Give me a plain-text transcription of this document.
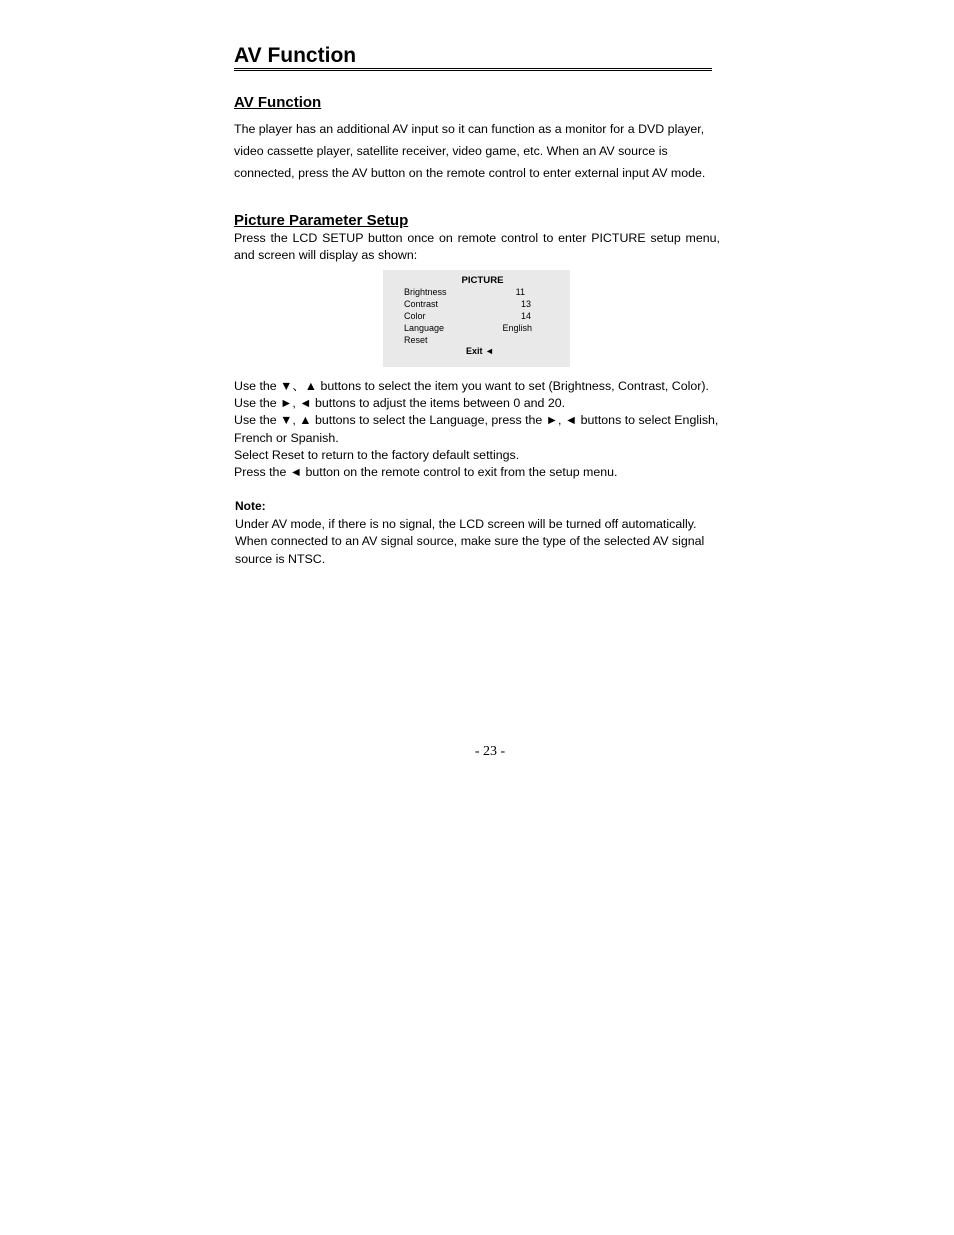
AV Function
AV Function

The player has an additional AV input so it can function as a monitor for a DVD player,
video cassette player, satellite receiver, video game, etc. When an AV source is
connected, press the AV button on the remote control to enter external input AV mode.

Picture Parameter Setup

Press the LCD SETUP button once on remote control to enter PICTURE setup menu, and screen will display as shown:

PICTURE
Brightness	11
Contrast	13
Color	14
Language	English
Reset
Exit ◄
Use the ▼、▲ buttons to select the item you want to set (Brightness, Contrast, Color).
Use the ►, ◄ buttons to adjust the items between 0 and 20.
Use the ▼, ▲ buttons to select the Language, press the ►, ◄ buttons to select English,
French or Spanish.
Select Reset to return to the factory default settings.
Press the ◄ button on the remote control to exit from the setup menu.
Note:
Under AV mode, if there is no signal, the LCD screen will be turned off automatically.
When connected to an AV signal source, make sure the type of the selected AV signal
source is NTSC.
- 23 -
